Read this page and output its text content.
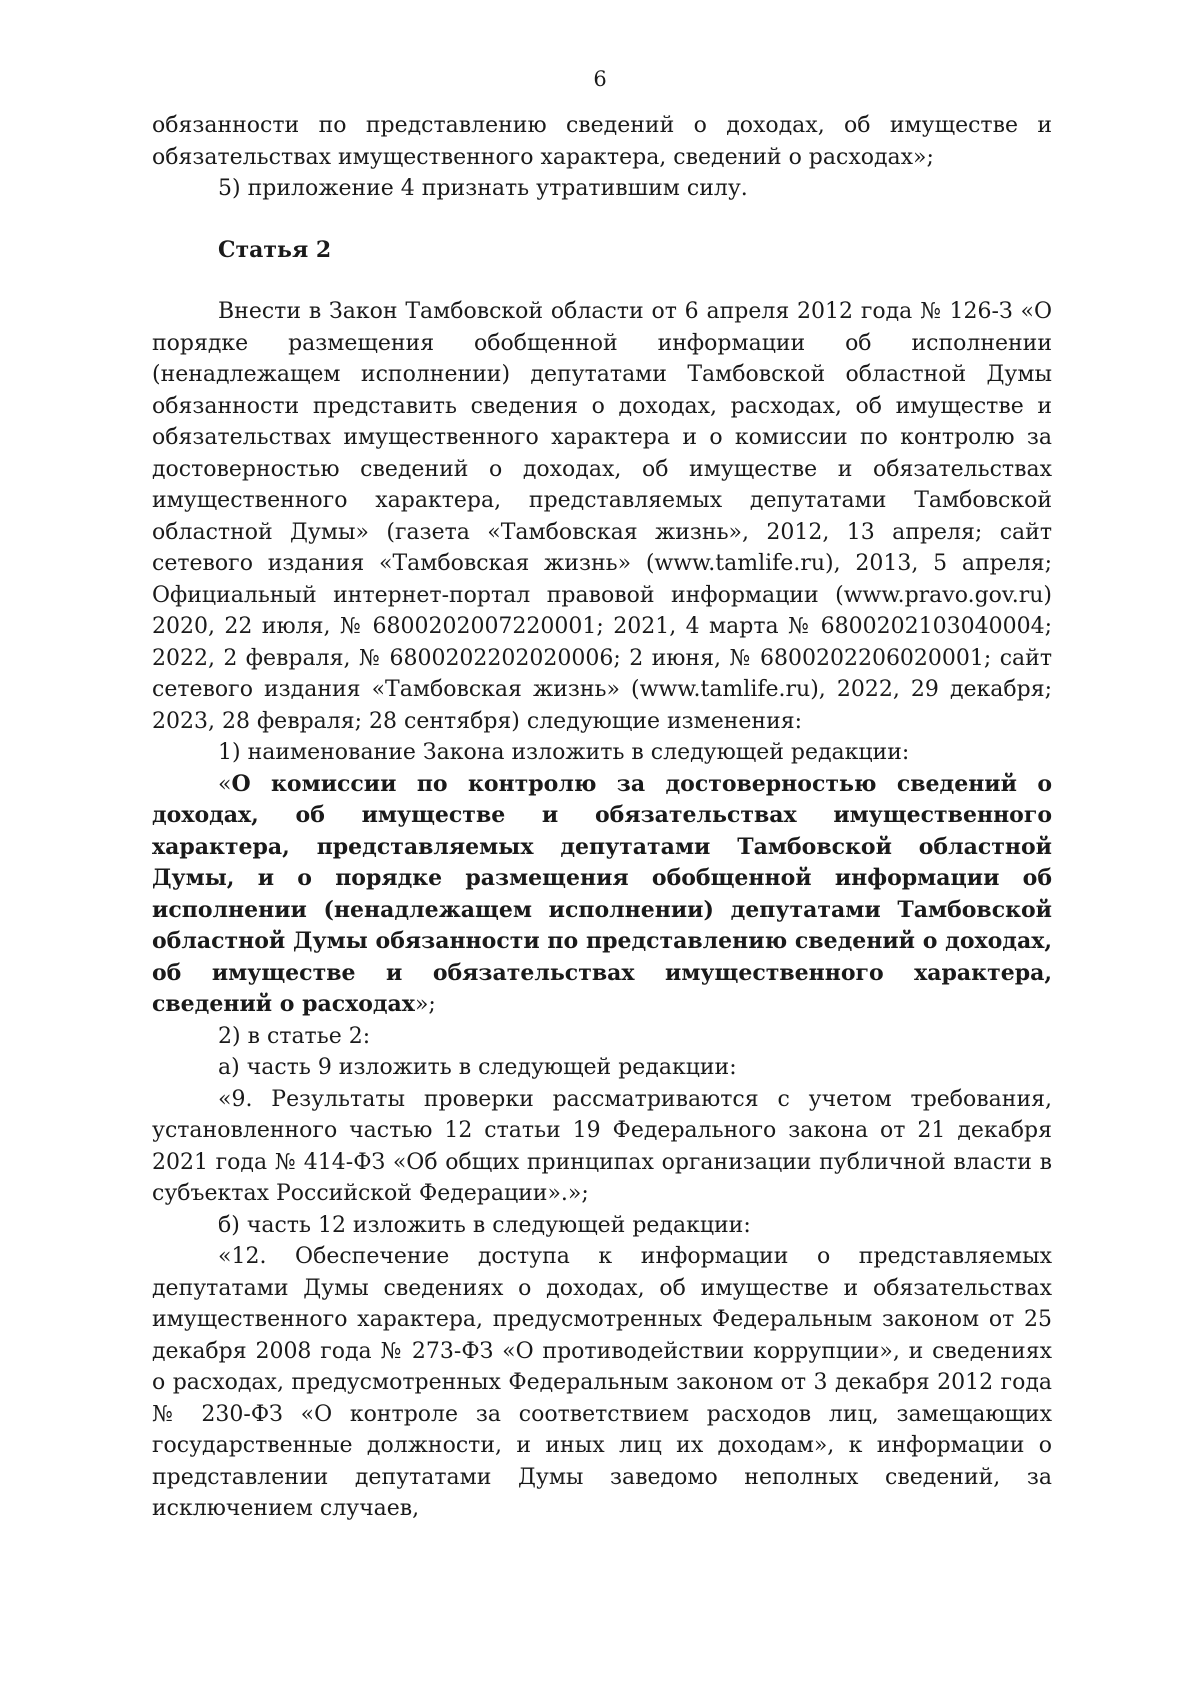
6

обязанности по представлению сведений о доходах, об имуществе и обязательствах имущественного характера, сведений о расходах»;

5) приложение 4 признать утратившим силу.

Статья 2

Внести в Закон Тамбовской области от 6 апреля 2012 года № 126-З «О порядке размещения обобщенной информации об исполнении (ненадлежащем исполнении) депутатами Тамбовской областной Думы обязанности представить сведения о доходах, расходах, об имуществе и обязательствах имущественного характера и о комиссии по контролю за достоверностью сведений о доходах, об имуществе и обязательствах имущественного характера, представляемых депутатами Тамбовской областной Думы» (газета «Тамбовская жизнь», 2012, 13 апреля; сайт сетевого издания «Тамбовская жизнь» (www.tamlife.ru), 2013, 5 апреля; Официальный интернет-портал правовой информации (www.pravo.gov.ru) 2020, 22 июля, № 6800202007220001; 2021, 4 марта № 6800202103040004; 2022, 2 февраля, № 6800202202020006; 2 июня, № 6800202206020001; сайт сетевого издания «Тамбовская жизнь» (www.tamlife.ru), 2022, 29 декабря; 2023, 28 февраля; 28 сентября) следующие изменения:

1) наименование Закона изложить в следующей редакции:

«О комиссии по контролю за достоверностью сведений о доходах, об имуществе и обязательствах имущественного характера, представляемых депутатами Тамбовской областной Думы, и о порядке размещения обобщенной информации об исполнении (ненадлежащем исполнении) депутатами Тамбовской областной Думы обязанности по представлению сведений о доходах, об имуществе и обязательствах имущественного характера, сведений о расходах»;

2) в статье 2:

а) часть 9 изложить в следующей редакции:

«9. Результаты проверки рассматриваются с учетом требования, установленного частью 12 статьи 19 Федерального закона от 21 декабря 2021 года № 414-ФЗ «Об общих принципах организации публичной власти в субъектах Российской Федерации».»;

б) часть 12 изложить в следующей редакции:

«12. Обеспечение доступа к информации о представляемых депутатами Думы сведениях о доходах, об имуществе и обязательствах имущественного характера, предусмотренных Федеральным законом от 25 декабря 2008 года № 273-ФЗ «О противодействии коррупции», и сведениях о расходах, предусмотренных Федеральным законом от 3 декабря 2012 года № 230-ФЗ «О контроле за соответствием расходов лиц, замещающих государственные должности, и иных лиц их доходам», к информации о представлении депутатами Думы заведомо неполных сведений, за исключением случаев,
